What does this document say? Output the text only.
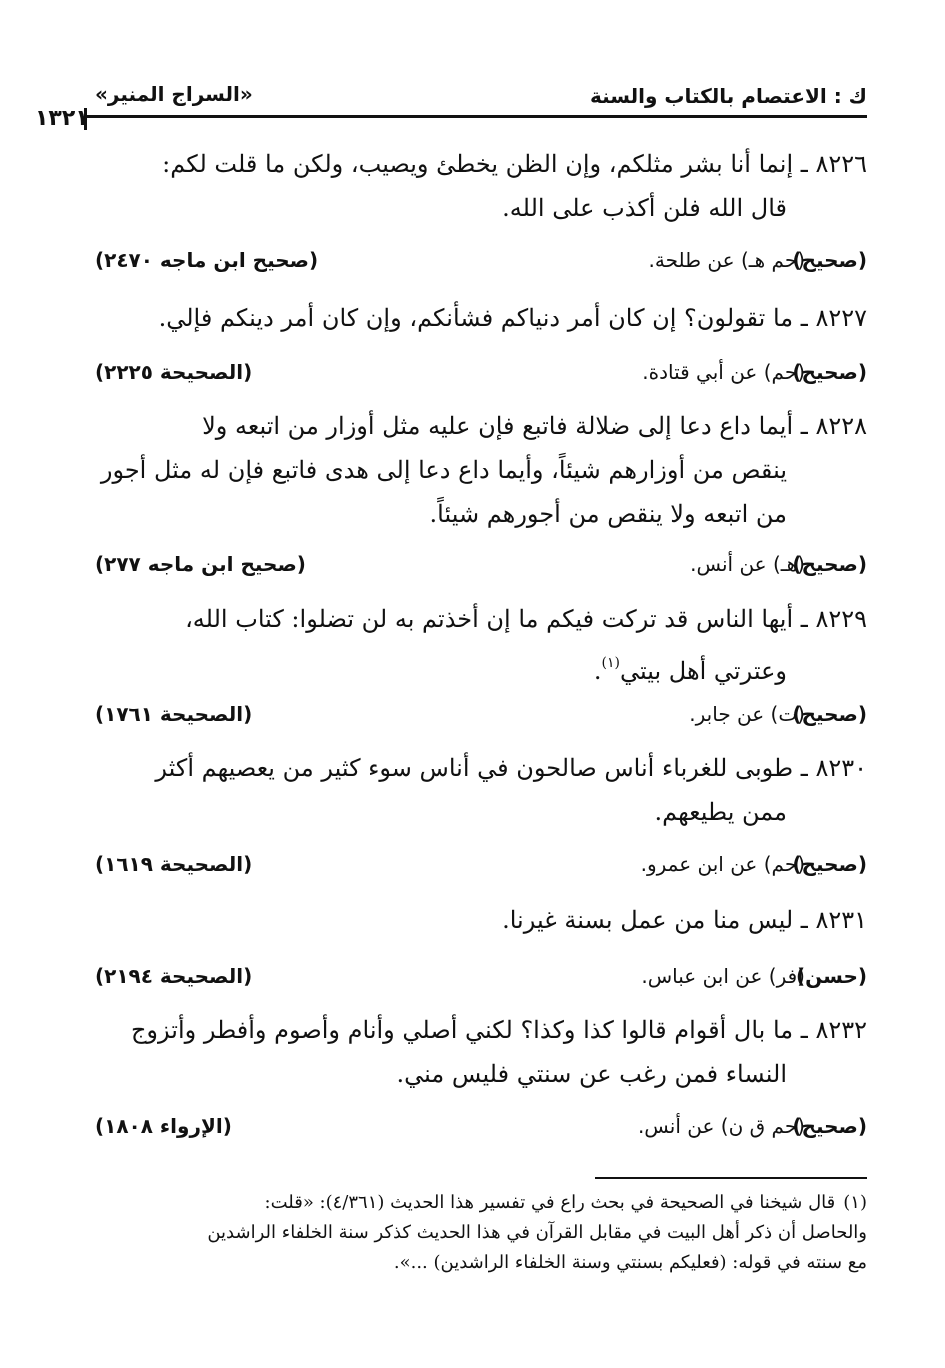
ك : الاعتصام بالكتاب والسنة
«السراج المنير»
١٣٢١
٨٢٢٦ ـ إنما أنا بشر مثلكم، وإن الظن يخطئ ويصيب، ولكن ما قلت لكم:
قال الله فلن أكذب على الله.
(صحيح)
(حم هـ) عن طلحة.
(صحيح ابن ماجه ٢٤٧٠)
٨٢٢٧ ـ ما تقولون؟ إن كان أمر دنياكم فشأنكم، وإن كان أمر دينكم فإلي.
(صحيح)
(حم) عن أبي قتادة.
(الصحيحة ٢٢٢٥)
٨٢٢٨ ـ أيما داع دعا إلى ضلالة فاتبع فإن عليه مثل أوزار من اتبعه ولا
ينقص من أوزارهم شيئاً، وأيما داع دعا إلى هدى فاتبع فإن له مثل أجور
من اتبعه ولا ينقص من أجورهم شيئاً.
(صحيح)
(هـ) عن أنس.
(صحيح ابن ماجه ٢٧٧)
٨٢٢٩ ـ أيها الناس قد تركت فيكم ما إن أخذتم به لن تضلوا: كتاب الله،
وعترتي أهل بيتي$^{(١)}$.
(صحيح)
(ت) عن جابر.
(الصحيحة ١٧٦١)
٨٢٣٠ ـ طوبى للغرباء أناس صالحون في أناس سوء كثير من يعصيهم أكثر
ممن يطيعهم.
(صحيح)
(حم) عن ابن عمرو.
(الصحيحة ١٦١٩)
٨٢٣١ ـ ليس منا من عمل بسنة غيرنا.
(حسن)
(فر) عن ابن عباس.
(الصحيحة ٢١٩٤)
٨٢٣٢ ـ ما بال أقوام قالوا كذا وكذا؟ لكني أصلي وأنام وأصوم وأفطر وأتزوج
النساء فمن رغب عن سنتي فليس مني.
(صحيح)
(حم ق ن) عن أنس.
(الإرواء ١٨٠٨)
(١)قال شيخنا في الصحيحة في بحث راع في تفسير هذا الحديث (٤/٣٦١): «قلت:
والحاصل أن ذكر أهل البيت في مقابل القرآن في هذا الحديث كذكر سنة الخلفاء الراشدين
مع سنته في قوله: (فعليكم بسنتي وسنة الخلفاء الراشدين) ...».
